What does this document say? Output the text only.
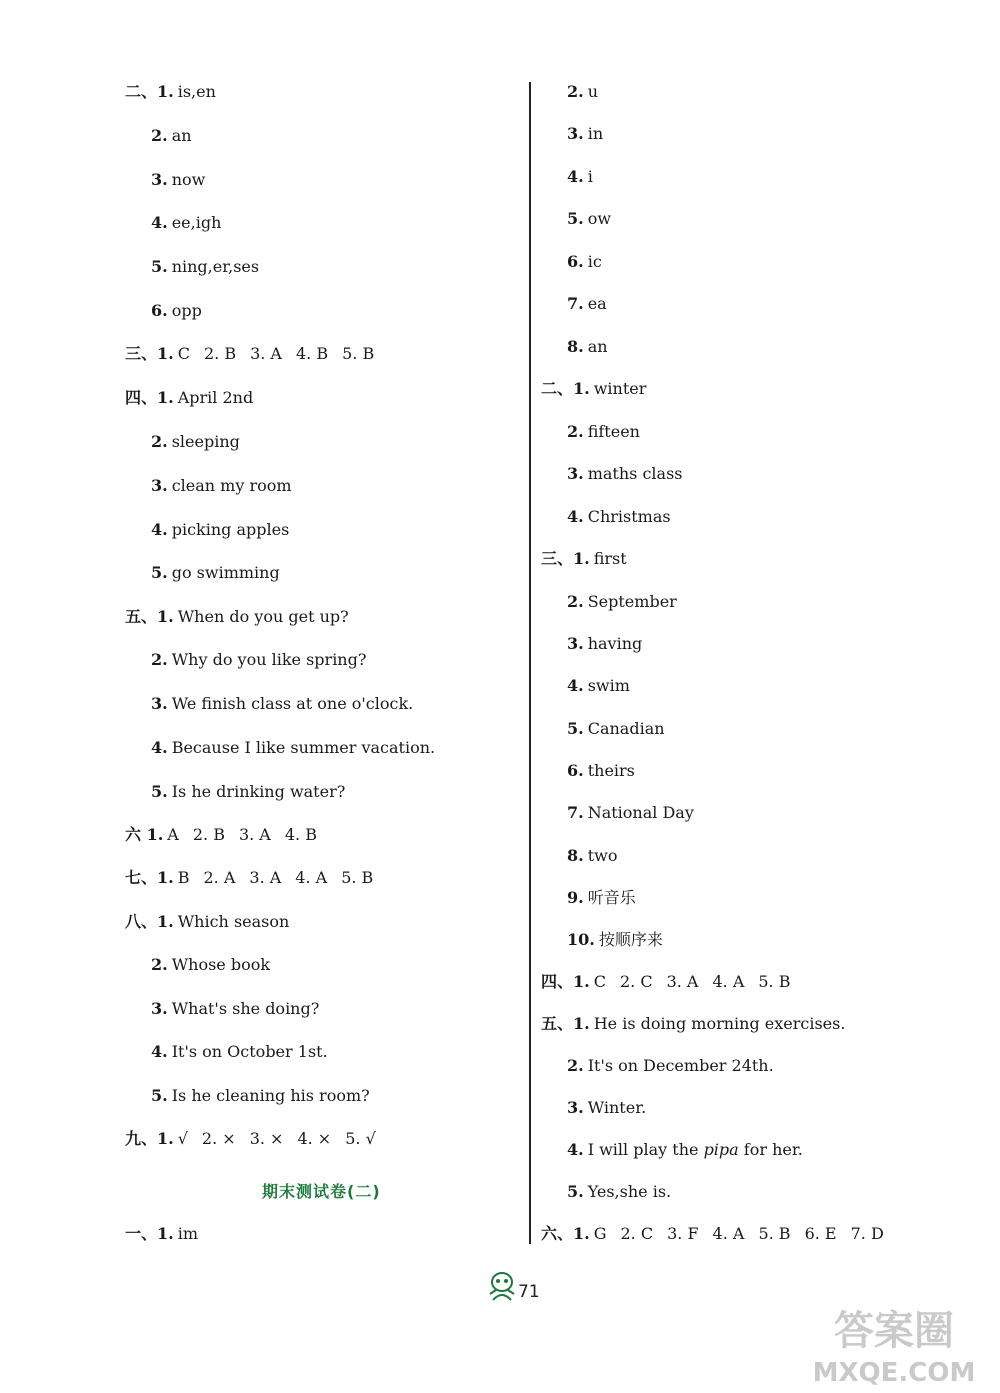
二、1. is,en
2. an
3. now
4. ee,igh
5. ning,er,ses
6. opp
三、1. C 2. B 3. A 4. B 5. B
四、1. April 2nd
2. sleeping
3. clean my room
4. picking apples
5. go swimming
五、1. When do you get up?
2. Why do you like spring?
3. We finish class at one o'clock.
4. Because I like summer vacation.
5. Is he drinking water?
六 1. A 2. B 3. A 4. B
七、1. B 2. A 3. A 4. A 5. B
八、1. Which season
2. Whose book
3. What's she doing?
4. It's on October 1st.
5. Is he cleaning his room?
九、1. √ 2. × 3. × 4. × 5. √
一、1. im
2. u
3. in
4. i
5. ow
6. ic
7. ea
8. an
二、1. winter
2. fifteen
3. maths class
4. Christmas
三、1. first
2. September
3. having
4. swim
5. Canadian
6. theirs
7. National Day
8. two
9. 听音乐
10. 按顺序来
四、1. C 2. C 3. A 4. A 5. B
五、1. He is doing morning exercises.
2. It's on December 24th.
3. Winter.
4. I will play the pipa for her.
5. Yes,she is.
六、1. G 2. C 3. F 4. A 5. B 6. E 7. D
期末测试卷(二)
71
答案圈
MXQE.COM
